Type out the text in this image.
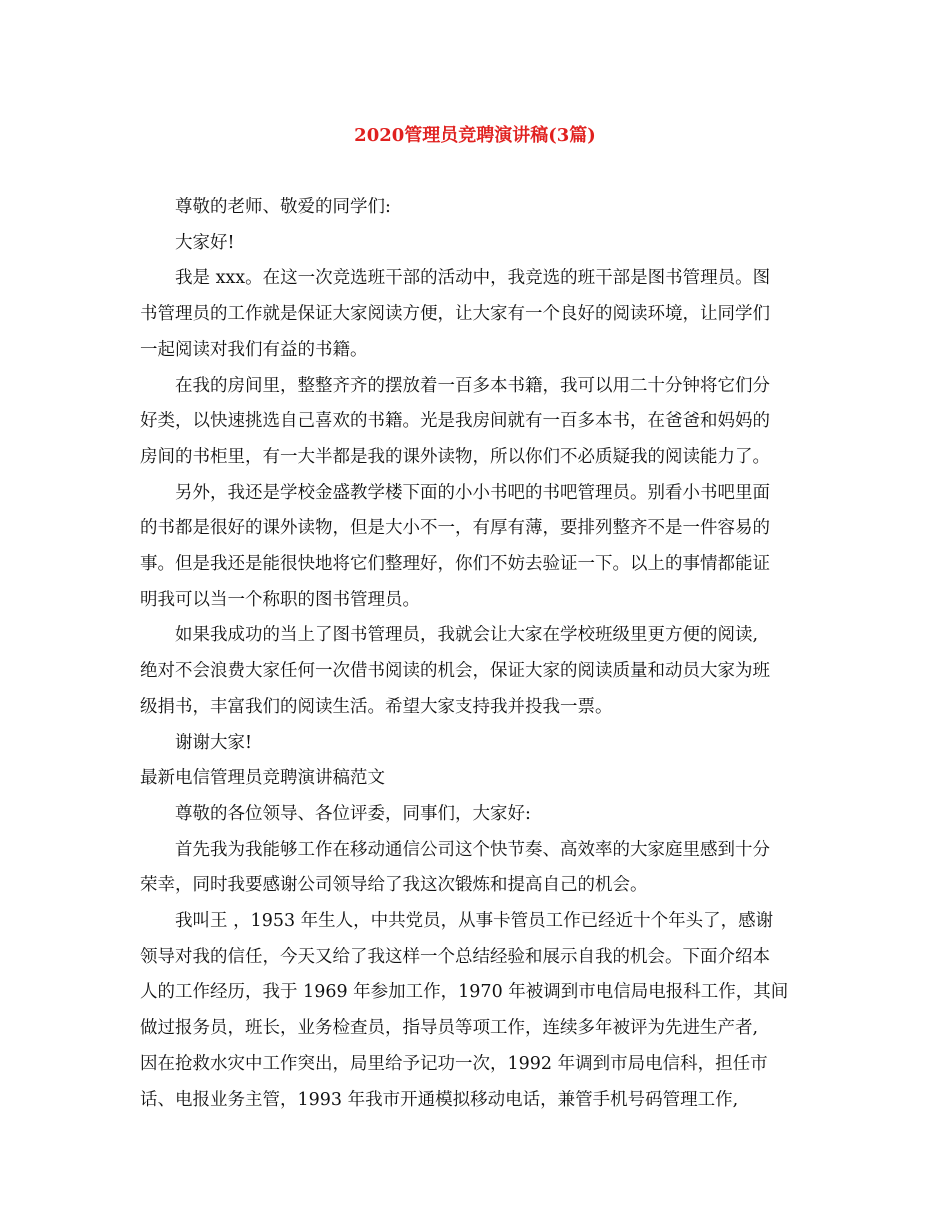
2020管理员竞聘演讲稿(3篇)

尊敬的老师、敬爱的同学们:

大家好!

我是 xxx。在这一次竞选班干部的活动中，我竞选的班干部是图书管理员。图
书管理员的工作就是保证大家阅读方便，让大家有一个良好的阅读环境，让同学们
一起阅读对我们有益的书籍。

在我的房间里，整整齐齐的摆放着一百多本书籍，我可以用二十分钟将它们分
好类，以快速挑选自己喜欢的书籍。光是我房间就有一百多本书，在爸爸和妈妈的
房间的书柜里，有一大半都是我的课外读物，所以你们不必质疑我的阅读能力了。

另外，我还是学校金盛教学楼下面的小小书吧的书吧管理员。别看小书吧里面
的书都是很好的课外读物，但是大小不一，有厚有薄，要排列整齐不是一件容易的
事。但是我还是能很快地将它们整理好，你们不妨去验证一下。以上的事情都能证
明我可以当一个称职的图书管理员。

如果我成功的当上了图书管理员，我就会让大家在学校班级里更方便的阅读,
绝对不会浪费大家任何一次借书阅读的机会，保证大家的阅读质量和动员大家为班
级捐书，丰富我们的阅读生活。希望大家支持我并投我一票。

谢谢大家!

最新电信管理员竞聘演讲稿范文

尊敬的各位领导、各位评委，同事们，大家好:

首先我为我能够工作在移动通信公司这个快节奏、高效率的大家庭里感到十分
荣幸，同时我要感谢公司领导给了我这次锻炼和提高自己的机会。

我叫王 ，1953 年生人，中共党员，从事卡管员工作已经近十个年头了，感谢
领导对我的信任，今天又给了我这样一个总结经验和展示自我的机会。下面介绍本
人的工作经历，我于 1969 年参加工作，1970 年被调到市电信局电报科工作，其间
做过报务员，班长，业务检查员，指导员等项工作，连续多年被评为先进生产者,
因在抢救水灾中工作突出，局里给予记功一次，1992 年调到市局电信科，担任市
话、电报业务主管，1993 年我市开通模拟移动电话，兼管手机号码管理工作,
